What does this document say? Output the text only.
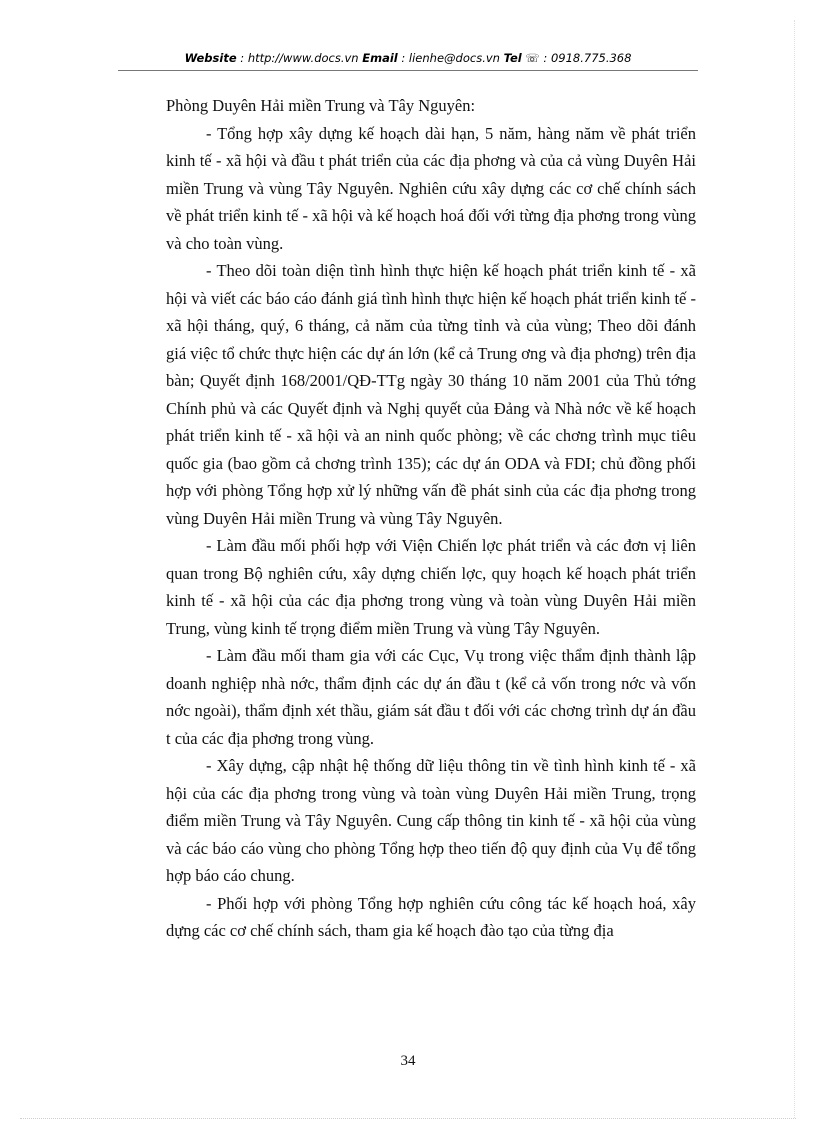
Website : http://www.docs.vn Email : lienhe@docs.vn Tel ☏ : 0918.775.368

Phòng Duyên Hải miền Trung và Tây Nguyên:

- Tổng hợp xây dựng kế hoạch dài hạn, 5 năm, hàng năm về phát triển kinh tế - xã hội và đầu t phát triển của các địa phơng và của cả vùng Duyên Hải miền Trung và vùng Tây Nguyên. Nghiên cứu xây dựng các cơ chế chính sách về phát triển kinh tế - xã hội và kế hoạch hoá đối với từng địa phơng trong vùng và cho toàn vùng.

- Theo dõi toàn diện tình hình thực hiện kế hoạch phát triển kinh tế - xã hội và viết các báo cáo đánh giá tình hình thực hiện kế hoạch phát triển kinh tế - xã hội tháng, quý, 6 tháng, cả năm của từng tỉnh và của vùng; Theo dõi đánh giá việc tổ chức thực hiện các dự án lớn (kể cả Trung ơng và địa phơng) trên địa bàn; Quyết định 168/2001/QĐ-TTg ngày 30 tháng 10 năm 2001 của Thủ tớng Chính phủ và các Quyết định và Nghị quyết của Đảng và Nhà nớc về kế hoạch phát triển kinh tế - xã hội và an ninh quốc phòng; về các chơng trình mục tiêu quốc gia (bao gồm cả chơng trình 135); các dự án ODA và FDI; chủ đồng phối hợp với phòng Tổng hợp xử lý những vấn đề phát sinh của các địa phơng trong vùng Duyên Hải miền Trung và vùng Tây Nguyên.

- Làm đầu mối phối hợp với Viện Chiến lợc phát triển và các đơn vị liên quan trong Bộ nghiên cứu, xây dựng chiến lợc, quy hoạch kế hoạch phát triển kinh tế - xã hội của các địa phơng trong vùng và toàn vùng Duyên Hải miền Trung, vùng kinh tế trọng điểm miền Trung và vùng Tây Nguyên.

- Làm đầu mối tham gia với các Cục, Vụ trong việc thẩm định thành lập doanh nghiệp nhà nớc, thẩm định các dự án đầu t (kể cả vốn trong nớc và vốn nớc ngoài), thẩm định xét thầu, giám sát đầu t đối với các chơng trình dự án đầu t của các địa phơng trong vùng.

- Xây dựng, cập nhật hệ thống dữ liệu thông tin về tình hình kinh tế - xã hội của các địa phơng trong vùng và toàn vùng Duyên Hải miền Trung, trọng điểm miền Trung và Tây Nguyên. Cung cấp thông tin kinh tế - xã hội của vùng và các báo cáo vùng cho phòng Tổng hợp theo tiến độ quy định của Vụ để tổng hợp báo cáo chung.

- Phối hợp với phòng Tổng hợp nghiên cứu công tác kế hoạch hoá, xây dựng các cơ chế chính sách, tham gia kế hoạch đào tạo của từng địa

34
